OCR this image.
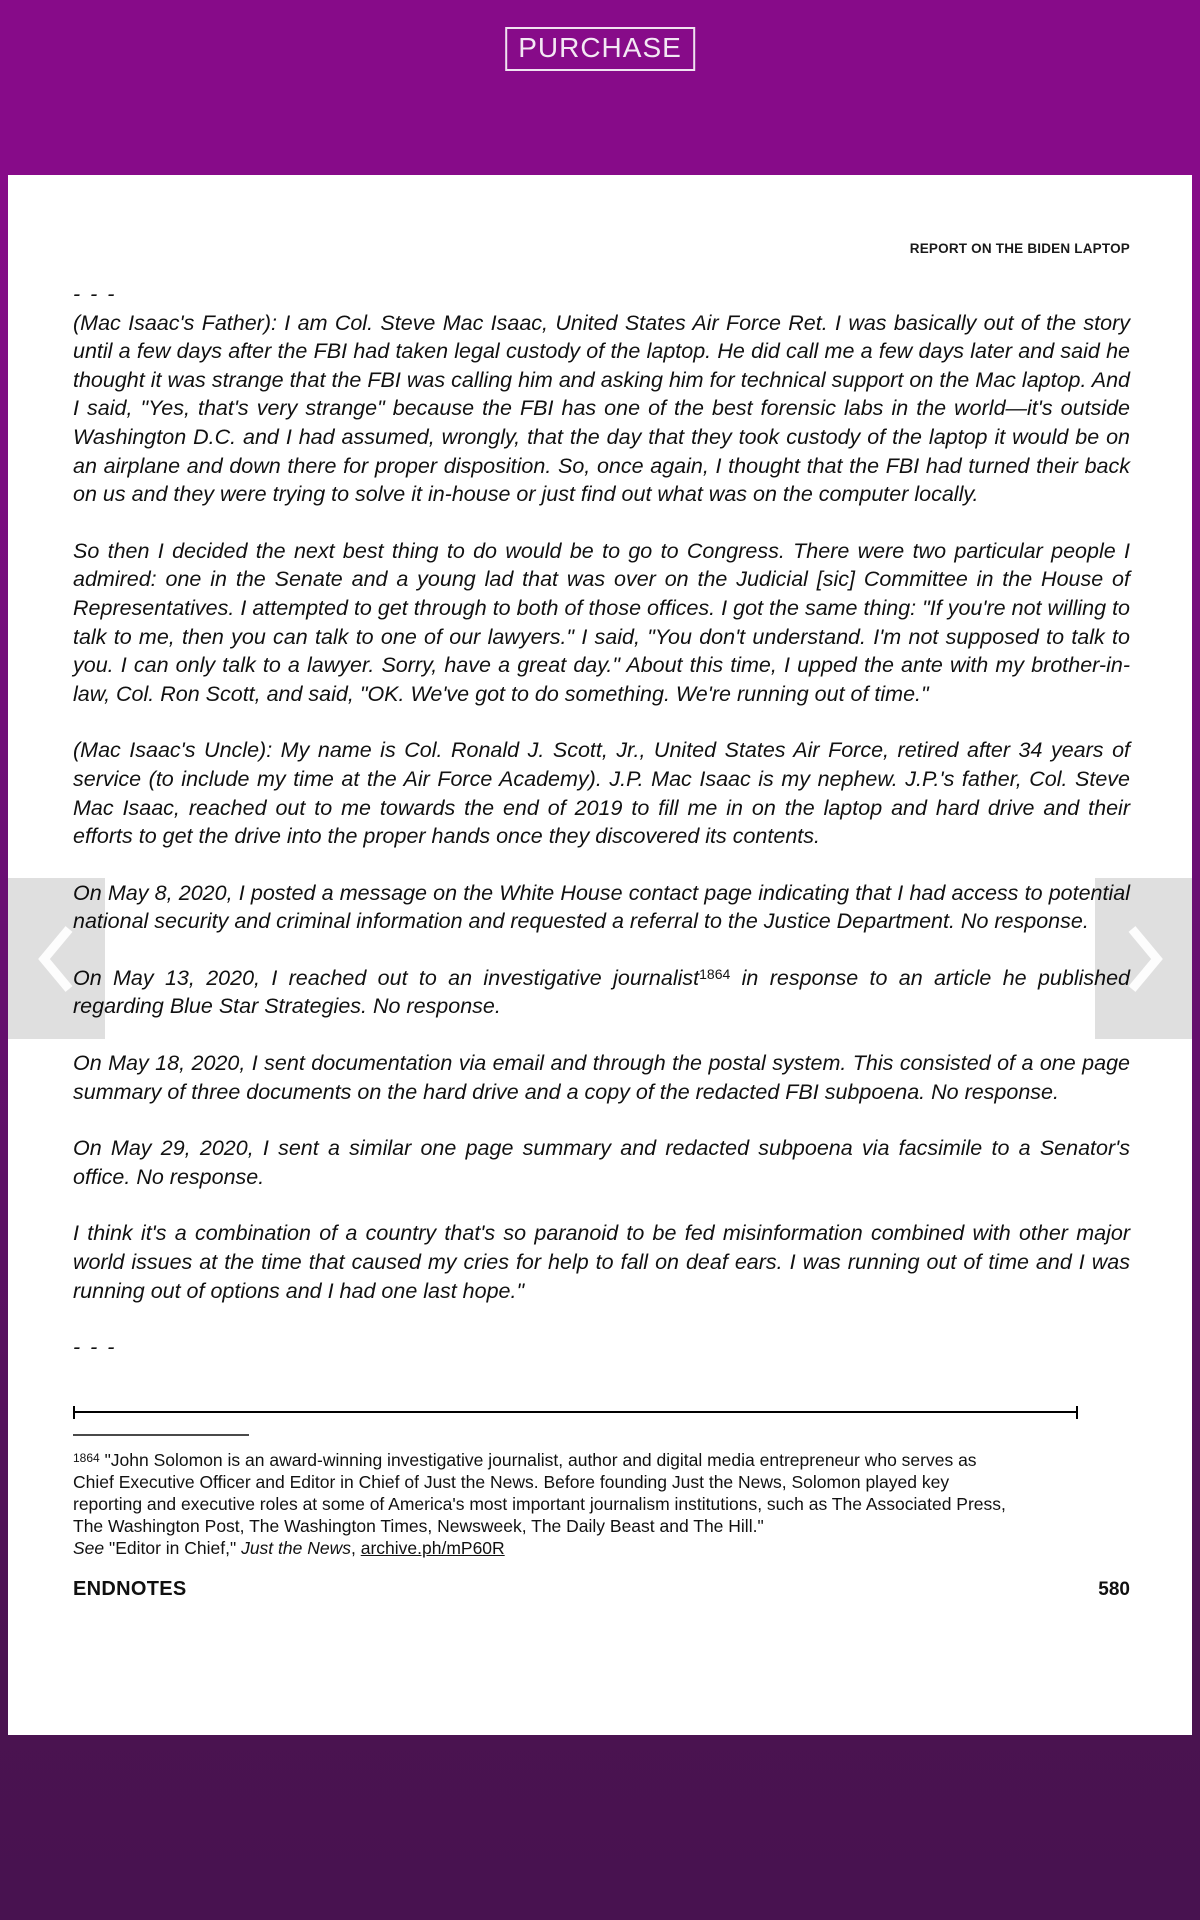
PURCHASE
REPORT ON THE BIDEN LAPTOP

- - -

(Mac Isaac's Father): I am Col. Steve Mac Isaac, United States Air Force Ret. I was basically out of the story until a few days after the FBI had taken legal custody of the laptop. He did call me a few days later and said he thought it was strange that the FBI was calling him and asking him for technical support on the Mac laptop. And I said, "Yes, that's very strange" because the FBI has one of the best forensic labs in the world—it's outside Washington D.C. and I had assumed, wrongly, that the day that they took custody of the laptop it would be on an airplane and down there for proper disposition. So, once again, I thought that the FBI had turned their back on us and they were trying to solve it in-house or just find out what was on the computer locally.

So then I decided the next best thing to do would be to go to Congress. There were two particular people I admired: one in the Senate and a young lad that was over on the Judicial [sic] Committee in the House of Representatives. I attempted to get through to both of those offices. I got the same thing: "If you're not willing to talk to me, then you can talk to one of our lawyers." I said, "You don't understand. I'm not supposed to talk to you. I can only talk to a lawyer. Sorry, have a great day." About this time, I upped the ante with my brother-in-law, Col. Ron Scott, and said, "OK. We've got to do something. We're running out of time."

(Mac Isaac's Uncle): My name is Col. Ronald J. Scott, Jr., United States Air Force, retired after 34 years of service (to include my time at the Air Force Academy). J.P. Mac Isaac is my nephew. J.P.'s father, Col. Steve Mac Isaac, reached out to me towards the end of 2019 to fill me in on the laptop and hard drive and their efforts to get the drive into the proper hands once they discovered its contents.

On May 8, 2020, I posted a message on the White House contact page indicating that I had access to potential national security and criminal information and requested a referral to the Justice Department. No response.

On May 13, 2020, I reached out to an investigative journalist$^{1864}$ in response to an article he published regarding Blue Star Strategies. No response.

On May 18, 2020, I sent documentation via email and through the postal system. This consisted of a one page summary of three documents on the hard drive and a copy of the redacted FBI subpoena. No response.

On May 29, 2020, I sent a similar one page summary and redacted subpoena via facsimile to a Senator's office. No response.

I think it's a combination of a country that's so paranoid to be fed misinformation combined with other major world issues at the time that caused my cries for help to fall on deaf ears. I was running out of time and I was running out of options and I had one last hope."

- - -

$^{1864}$ "John Solomon is an award-winning investigative journalist, author and digital media entrepreneur who serves as
Chief Executive Officer and Editor in Chief of Just the News. Before founding Just the News, Solomon played key
reporting and executive roles at some of America's most important journalism institutions, such as The Associated Press,
The Washington Post, The Washington Times, Newsweek, The Daily Beast and The Hill."
See "Editor in Chief," Just the News, archive.ph/mP60R
ENDNOTES	580
